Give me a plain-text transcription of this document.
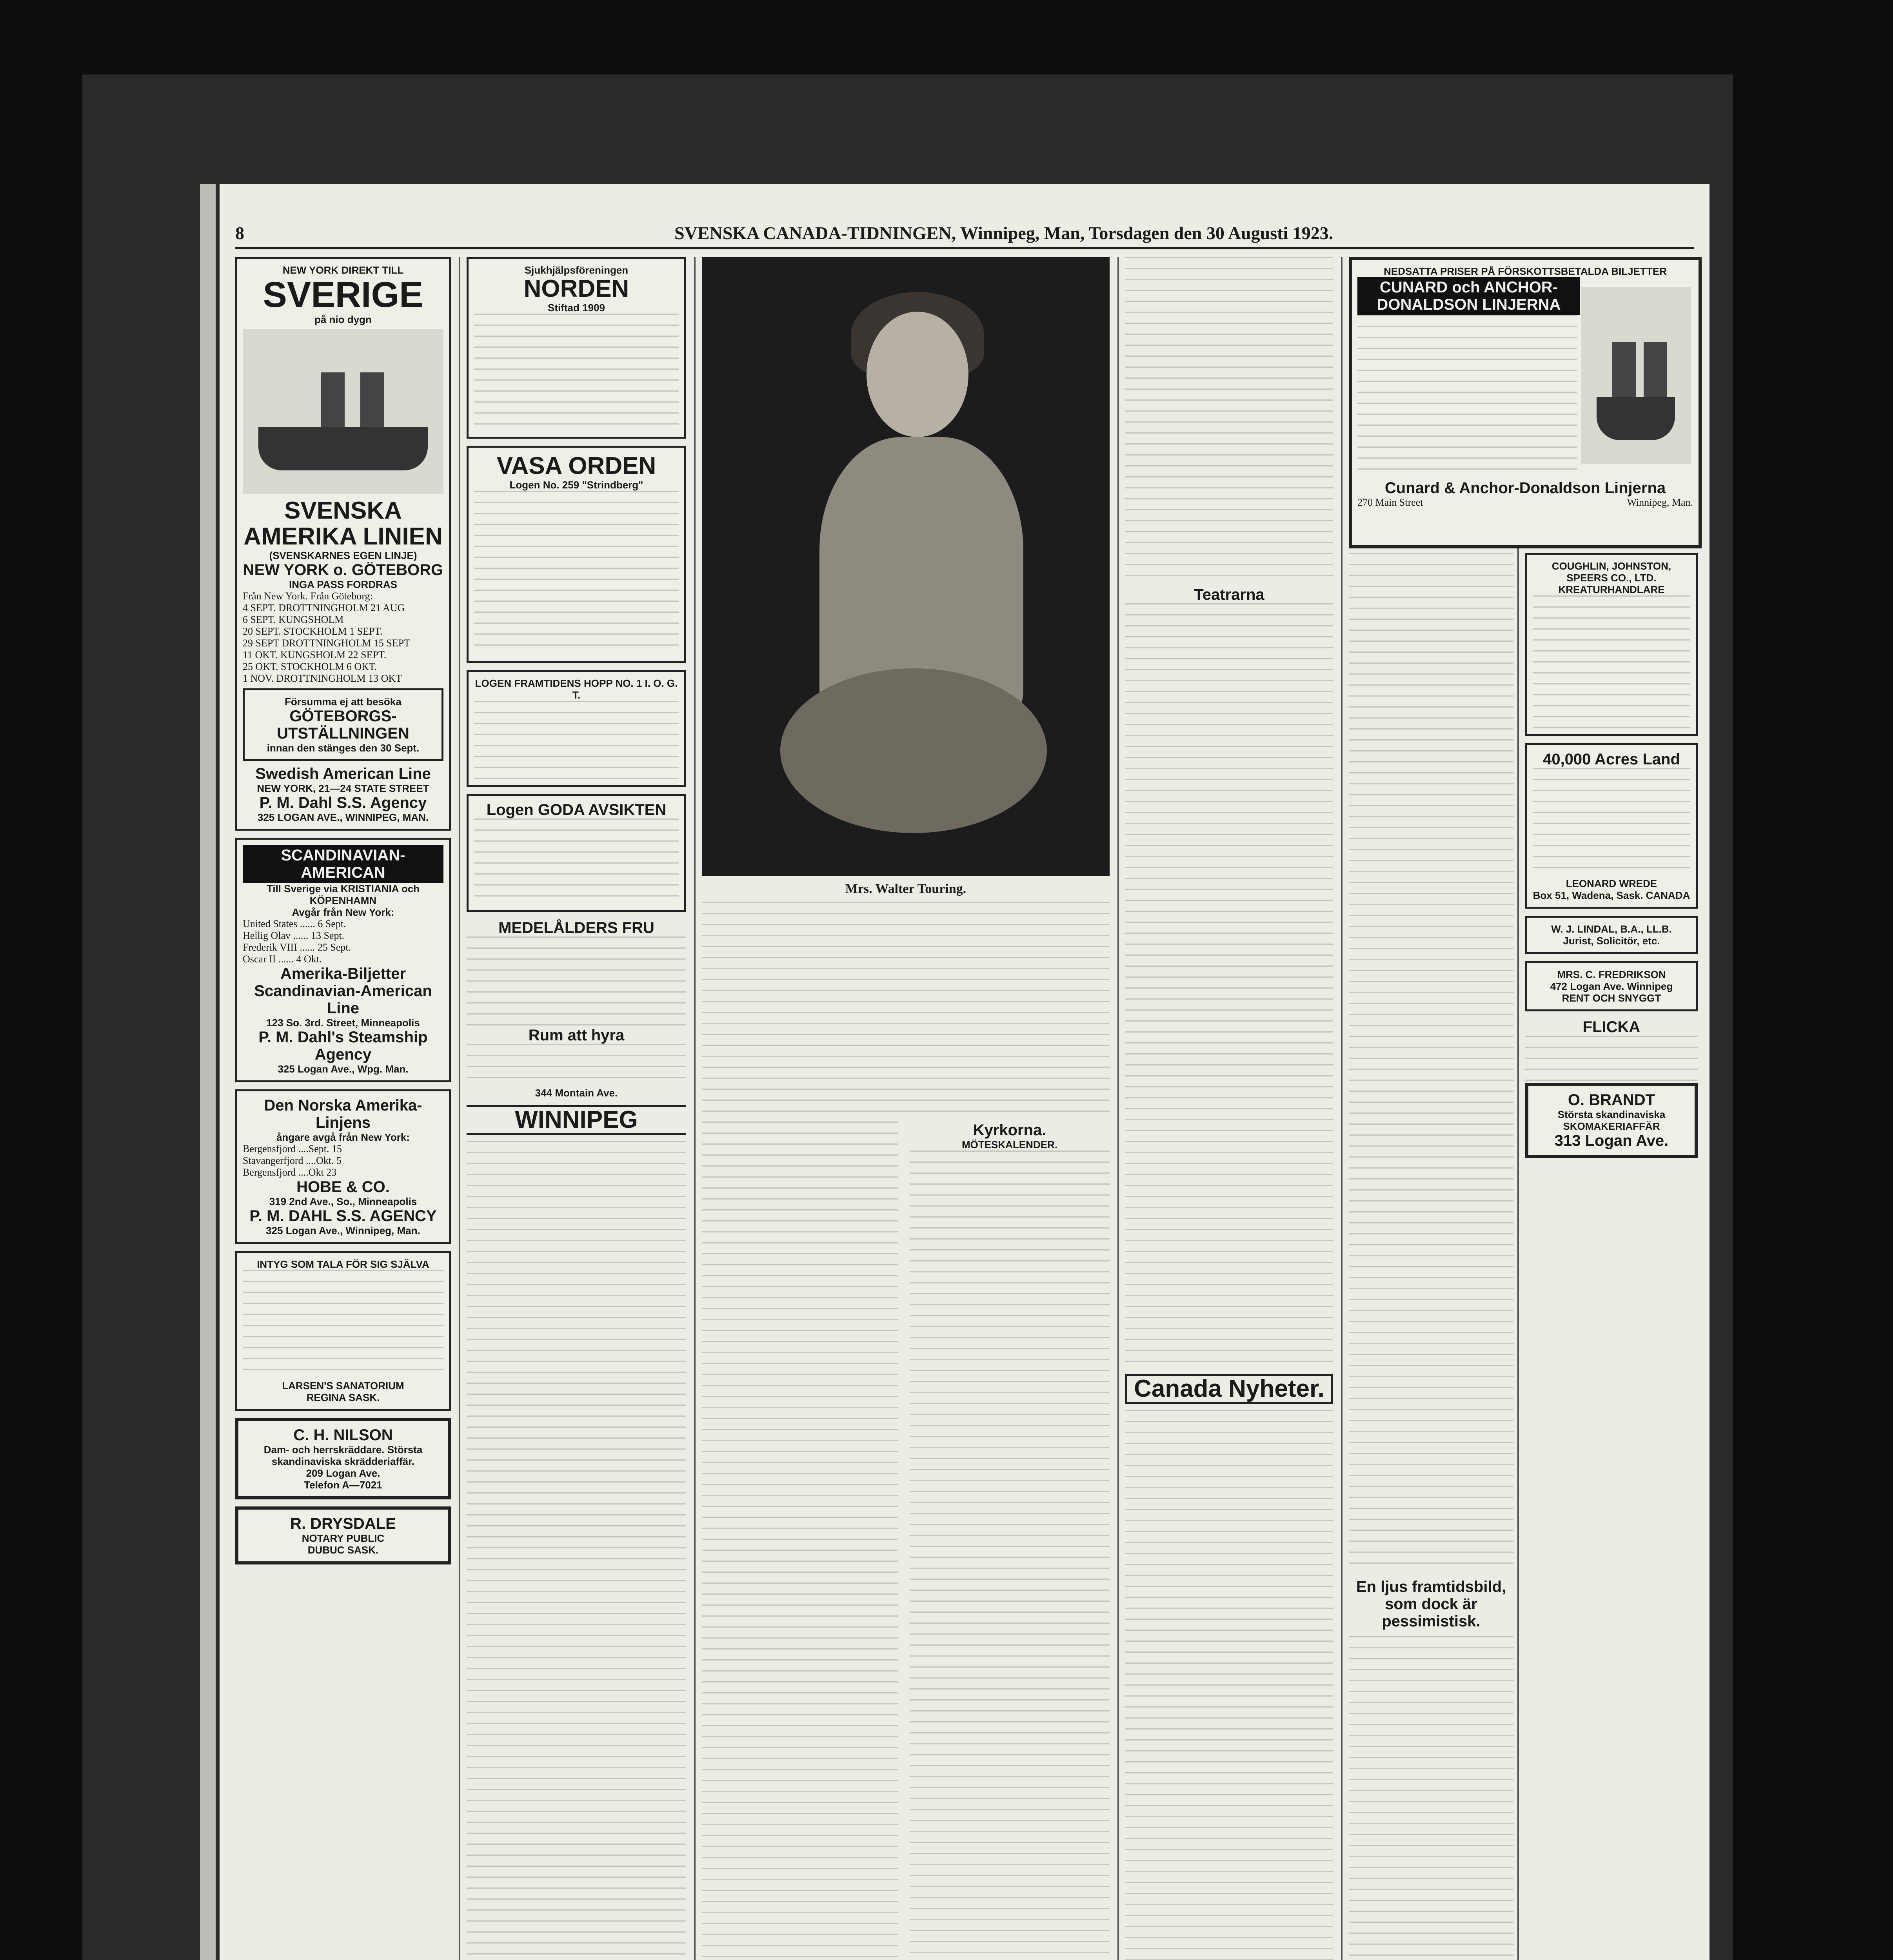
8	SVENSKA CANADA-TIDNINGEN, Winnipeg, Man, Torsdagen den 30 Augusti 1923.
NEW YORK DIREKT TILL
SVERIGE
på nio dygn
SVENSKA AMERIKA LINIEN
(SVENSKARNES EGEN LINJE)
NEW YORK o. GÖTEBORG
INGA PASS FORDRAS
Från New York. Från Göteborg:
4 SEPT. DROTTNINGHOLM 21 AUG
6 SEPT. KUNGSHOLM
20 SEPT. STOCKHOLM 1 SEPT.
29 SEPT DROTTNINGHOLM 15 SEPT
11 OKT. KUNGSHOLM 22 SEPT.
25 OKT. STOCKHOLM 6 OKT.
1 NOV. DROTTNINGHOLM 13 OKT
Försumma ej att besöka
GÖTEBORGS-UTSTÄLLNINGEN
innan den stänges den 30 Sept.
Swedish American Line
NEW YORK, 21—24 STATE STREET
P. M. Dahl S.S. Agency
325 LOGAN AVE., WINNIPEG, MAN.
SCANDINAVIAN-AMERICAN
Till Sverige via KRISTIANIA och KÖPENHAMN
Avgår från New York:
United States ...... 6 Sept.
Hellig Olav ...... 13 Sept.
Frederik VIII ...... 25 Sept.
Oscar II ...... 4 Okt.
Amerika-Biljetter
Scandinavian-American Line
123 So. 3rd. Street, Minneapolis
P. M. Dahl's Steamship Agency
325 Logan Ave., Wpg. Man.
Den Norska Amerika-Linjens
ångare avgå från New York:
Bergensfjord ....Sept. 15
Stavangerfjord ....Okt. 5
Bergensfjord ....Okt 23
HOBE & CO.
319 2nd Ave., So., Minneapolis
P. M. DAHL S.S. AGENCY
325 Logan Ave., Winnipeg, Man.
INTYG SOM TALA FÖR SIG SJÄLVA
LARSEN'S SANATORIUM
REGINA SASK.
C. H. NILSON
Dam- och herrskräddare. Största skandinaviska skrädderiaffär.
209 Logan Ave.
Telefon A—7021
R. DRYSDALE
NOTARY PUBLIC
DUBUC SASK.
Sjukhjälpsföreningen
NORDEN
Stiftad 1909
VASA ORDEN
Logen No. 259 "Strindberg"
LOGEN FRAMTIDENS HOPP NO. 1 I. O. G. T.
Logen GODA AVSIKTEN
MEDELÅLDERS FRU
Rum att hyra
344 Montain Ave.
WINNIPEG
Mrs. Walter Touring.
Kyrkorna.
MÖTESKALENDER.
Teatrarna
Canada Nyheter.
NEDSATTA PRISER PÅ FÖRSKOTTSBETALDA BILJETTER
CUNARD och ANCHOR-DONALDSON LINJERNA
Cunard & Anchor-Donaldson Linjerna
270 Main Street	Winnipeg, Man.
En ljus framtidsbild, som dock är pessimistisk.
COUGHLIN, JOHNSTON, SPEERS CO., LTD.
KREATURHANDLARE
40,000 Acres Land
LEONARD WREDE
Box 51, Wadena, Sask. CANADA
W. J. LINDAL, B.A., LL.B.
Jurist, Solicitör, etc.
MRS. C. FREDRIKSON
472 Logan Ave. Winnipeg
RENT OCH SNYGGT
FLICKA
O. BRANDT
Största skandinaviska SKOMAKERIAFFÄR
313 Logan Ave.
